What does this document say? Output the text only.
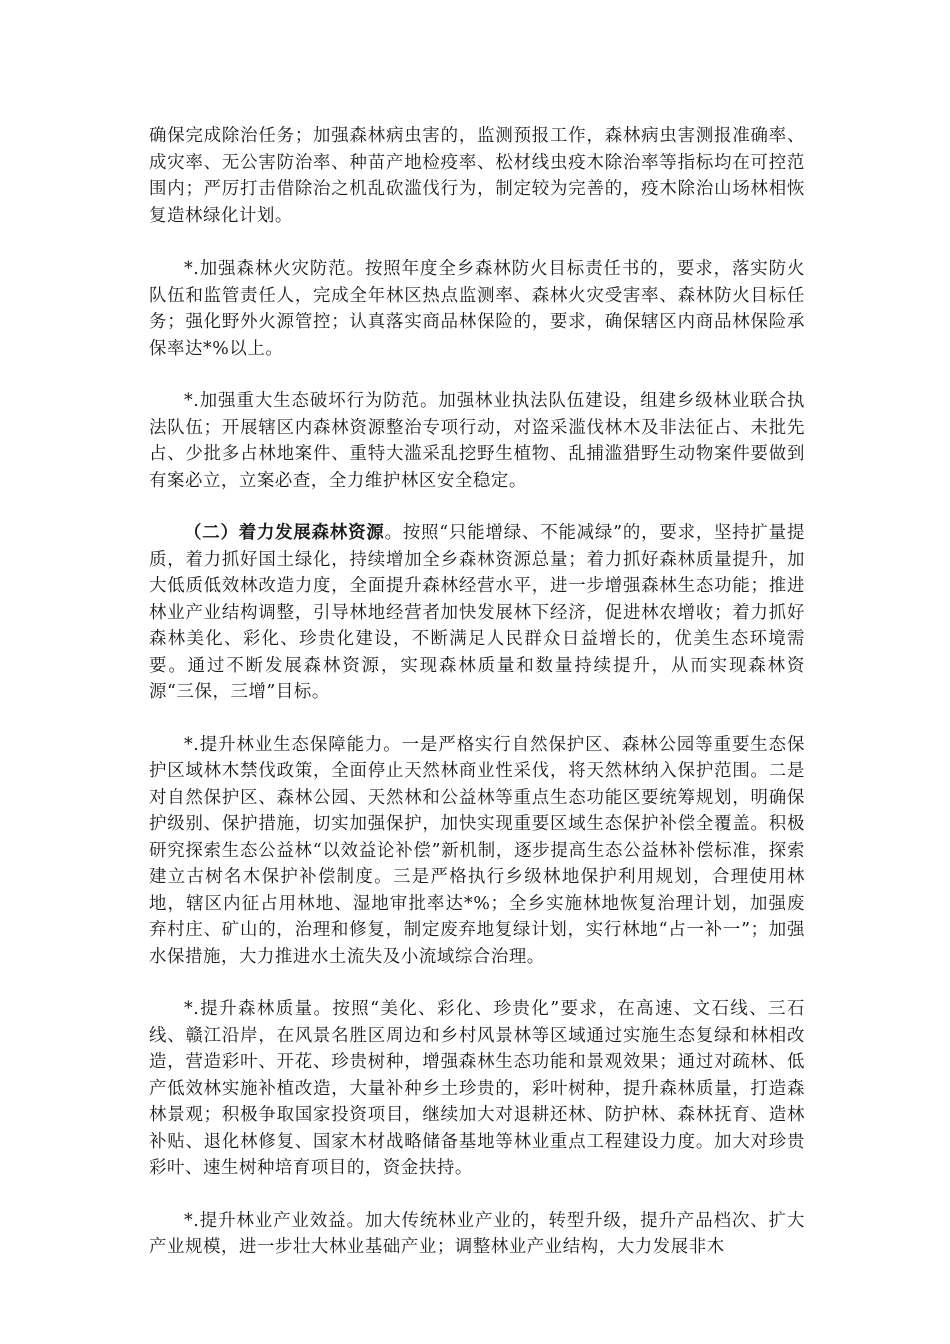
确保完成除治任务；加强森林病虫害的，监测预报工作，森林病虫害测报准确率、成灾率、无公害防治率、种苗产地检疫率、松材线虫疫木除治率等指标均在可控范围内；严厉打击借除治之机乱砍滥伐行为，制定较为完善的，疫木除治山场林相恢复造林绿化计划。

*.加强森林火灾防范。按照年度全乡森林防火目标责任书的，要求，落实防火队伍和监管责任人，完成全年林区热点监测率、森林火灾受害率、森林防火目标任务；强化野外火源管控；认真落实商品林保险的，要求，确保辖区内商品林保险承保率达*%以上。

*.加强重大生态破坏行为防范。加强林业执法队伍建设，组建乡级林业联合执法队伍；开展辖区内森林资源整治专项行动，对盗采滥伐林木及非法征占、未批先占、少批多占林地案件、重特大滥采乱挖野生植物、乱捕滥猎野生动物案件要做到有案必立，立案必查，全力维护林区安全稳定。

（二）着力发展森林资源。按照“只能增绿、不能减绿”的，要求，坚持扩量提质，着力抓好国土绿化，持续增加全乡森林资源总量；着力抓好森林质量提升，加大低质低效林改造力度，全面提升森林经营水平，进一步增强森林生态功能；推进林业产业结构调整，引导林地经营者加快发展林下经济，促进林农增收；着力抓好森林美化、彩化、珍贵化建设，不断满足人民群众日益增长的，优美生态环境需要。通过不断发展森林资源，实现森林质量和数量持续提升，从而实现森林资源“三保，三增”目标。

*.提升林业生态保障能力。一是严格实行自然保护区、森林公园等重要生态保护区域林木禁伐政策，全面停止天然林商业性采伐，将天然林纳入保护范围。二是对自然保护区、森林公园、天然林和公益林等重点生态功能区要统筹规划，明确保护级别、保护措施，切实加强保护，加快实现重要区域生态保护补偿全覆盖。积极研究探索生态公益林“以效益论补偿”新机制，逐步提高生态公益林补偿标准，探索建立古树名木保护补偿制度。三是严格执行乡级林地保护利用规划，合理使用林地，辖区内征占用林地、湿地审批率达*%；全乡实施林地恢复治理计划，加强废弃村庄、矿山的，治理和修复，制定废弃地复绿计划，实行林地“占一补一”；加强水保措施，大力推进水土流失及小流域综合治理。

*.提升森林质量。按照“美化、彩化、珍贵化”要求，在高速、文石线、三石线、赣江沿岸，在风景名胜区周边和乡村风景林等区域通过实施生态复绿和林相改造，营造彩叶、开花、珍贵树种，增强森林生态功能和景观效果；通过对疏林、低产低效林实施补植改造，大量补种乡土珍贵的，彩叶树种，提升森林质量，打造森林景观；积极争取国家投资项目，继续加大对退耕还林、防护林、森林抚育、造林补贴、退化林修复、国家木材战略储备基地等林业重点工程建设力度。加大对珍贵彩叶、速生树种培育项目的，资金扶持。

*.提升林业产业效益。加大传统林业产业的，转型升级，提升产品档次、扩大产业规模，进一步壮大林业基础产业；调整林业产业结构，大力发展非木
